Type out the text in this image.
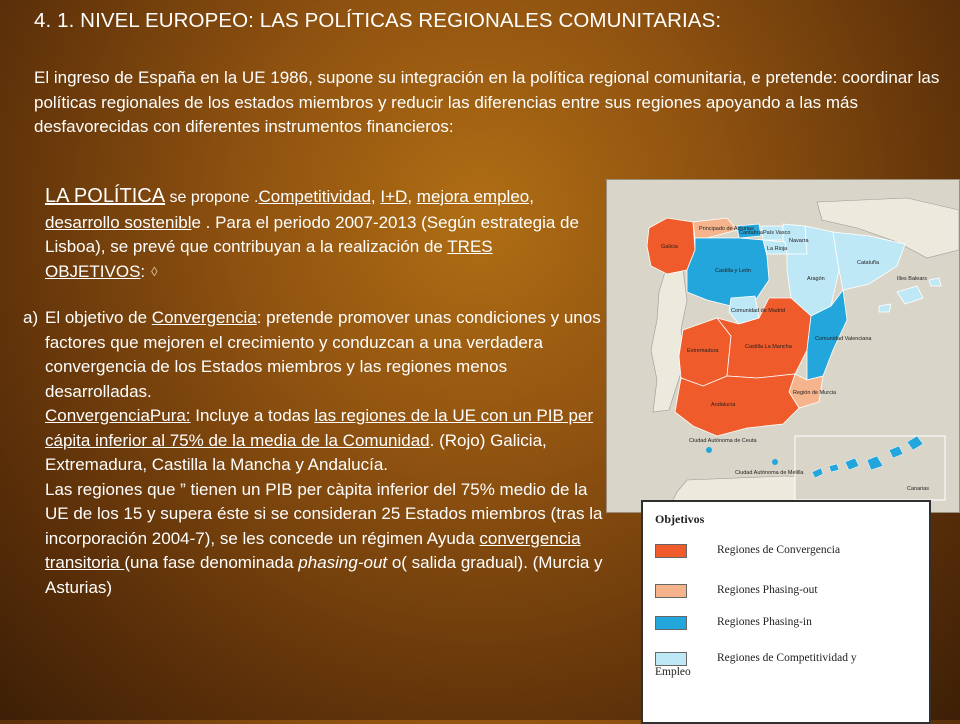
4. 1. NIVEL EUROPEO: LAS POLÍTICAS REGIONALES COMUNITARIAS:
El ingreso de España en la UE 1986, supone su integración en la política regional comunitaria, e pretende: coordinar las políticas regionales de los estados miembros y reducir las diferencias entre sus regiones apoyando a las más desfavorecidas con diferentes instrumentos financieros:

LA POLÍTICA se propone .Competitividad, I+D, mejora empleo, desarrollo sostenible . Para el periodo 2007-2013 (Según estrategia de Lisboa), se prevé que contribuyan a la realización de TRES OBJETIVOS: ◊

a) El objetivo de Convergencia: pretende promover unas condiciones y unos factores que mejoren el crecimiento y conduzcan a una verdadera convergencia de los Estados miembros y las regiones menos desarrolladas.

ConvergenciaPura: Incluye a todas las regiones de la UE con un PIB per cápita inferior al 75% de la media de la Comunidad. (Rojo) Galicia, Extremadura, Castilla la Mancha y Andalucía.

Las regiones que ” tienen un PIB per càpita inferior del 75% medio de la UE de los 15 y supera éste si se consideran 25 Estados miembros (tras la incorporación 2004-7), se les concede un régimen Ayuda convergencia transitoria (una fase denominada phasing-out o( salida gradual). (Murcia y Asturias)

Galicia
Principado de Asturias
Cantabria País Vasco
Navarra
La Rioja
Castilla y León
Aragón
Cataluña
Comunidad de Madrid
Extremadura
Castilla La Mancha
Comunidad Valenciana
Illes Balears
Región de Murcia
Andalucía
Ciudad Autónoma de Ceuta
Ciudad Autónoma de Melilla
Canarias
Objetivos
Regiones de Convergencia
Regiones Phasing-out
Regiones Phasing-in
Regiones de Competitividad y
Empleo
